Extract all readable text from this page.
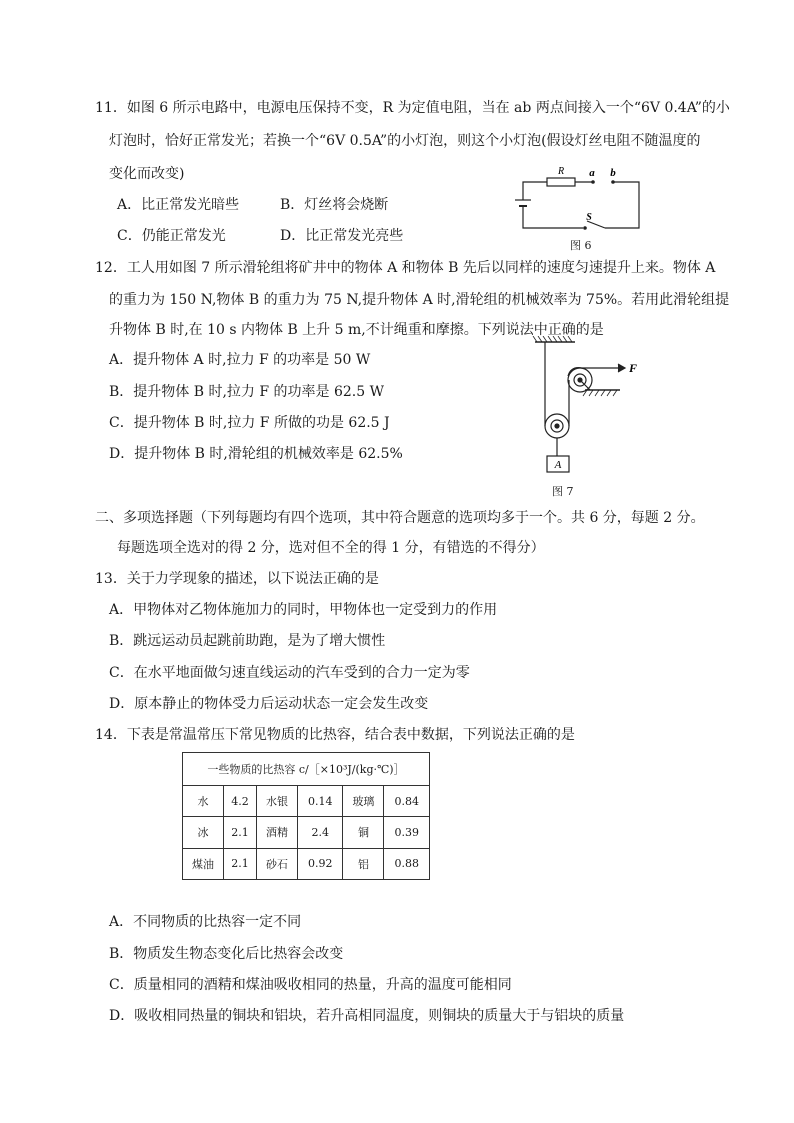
11．如图 6 所示电路中，电源电压保持不变，R 为定值电阻，当在 ab 两点间接入一个“6V 0.4A”的小
灯泡时，恰好正常发光；若换一个“6V 0.5A”的小灯泡，则这个小灯泡(假设灯丝电阻不随温度的
变化而改变)
A．比正常发光暗些	B．灯丝将会烧断
C．仍能正常发光	D．比正常发光亮些
R a b
S
图 6
12．工人用如图 7 所示滑轮组将矿井中的物体 A 和物体 B 先后以同样的速度匀速提升上来。物体 A
的重力为 150 N,物体 B 的重力为 75 N,提升物体 A 时,滑轮组的机械效率为 75%。若用此滑轮组提
升物体 B 时,在 10 s 内物体 B 上升 5 m,不计绳重和摩擦。下列说法中正确的是
A．提升物体 A 时,拉力 F 的功率是 50 W
B．提升物体 B 时,拉力 F 的功率是 62.5 W
C．提升物体 B 时,拉力 F 所做的功是 62.5 J
D．提升物体 B 时,滑轮组的机械效率是 62.5%
F
A
图 7
二、多项选择题（下列每题均有四个选项，其中符合题意的选项均多于一个。共 6 分，每题 2 分。
每题选项全选对的得 2 分，选对但不全的得 1 分，有错选的不得分）
13．关于力学现象的描述，以下说法正确的是
A．甲物体对乙物体施加力的同时，甲物体也一定受到力的作用
B．跳远运动员起跳前助跑，是为了增大惯性
C．在水平地面做匀速直线运动的汽车受到的合力一定为零
D．原本静止的物体受力后运动状态一定会发生改变
14．下表是常温常压下常见物质的比热容，结合表中数据，下列说法正确的是
一些物质的比热容 c/［×10³J/(kg·℃)］					
水	4.2	水银	0.14	玻璃	0.84
冰	2.1	酒精	2.4	铜	0.39
煤油	2.1	砂石	0.92	铝	0.88
A．不同物质的比热容一定不同
B．物质发生物态变化后比热容会改变
C．质量相同的酒精和煤油吸收相同的热量，升高的温度可能相同
D．吸收相同热量的铜块和铝块，若升高相同温度，则铜块的质量大于与铝块的质量
